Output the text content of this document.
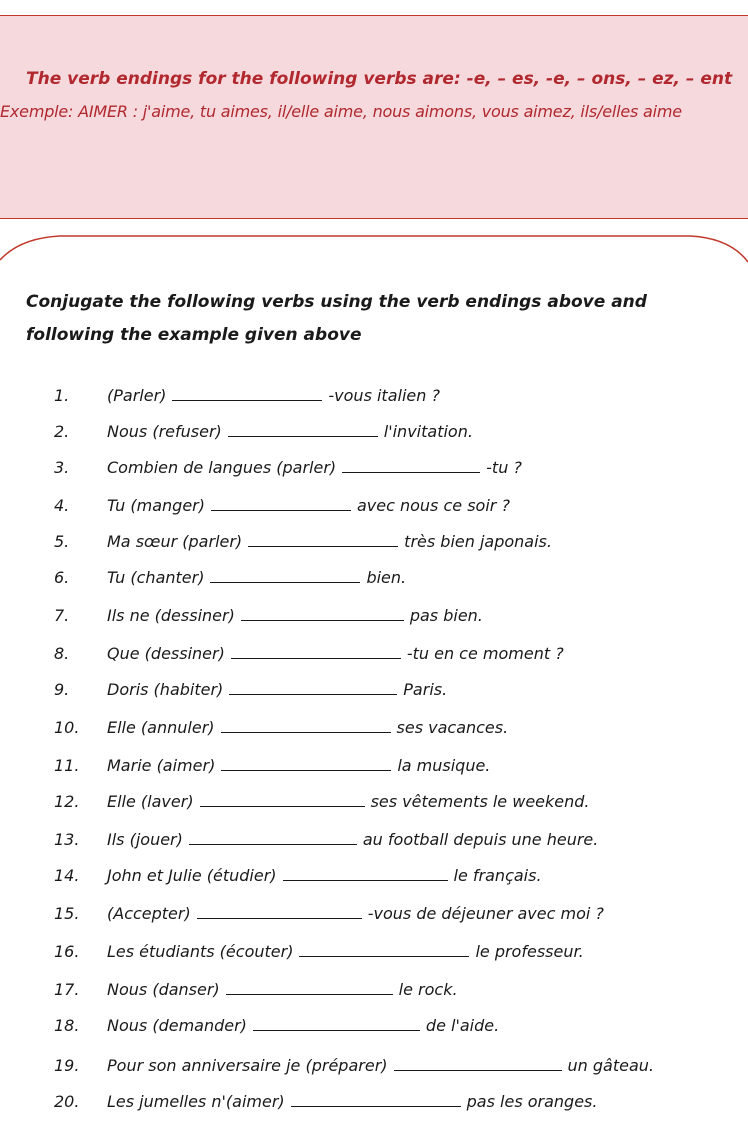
The verb endings for the following verbs are: -e, – es, -e, – ons, – ez, – ent
Exemple: AIMER : j'aime, tu aimes, il/elle aime, nous aimons, vous aimez, ils/elles aime
Conjugate the following verbs using the verb endings above and following the example given above
1. (Parler)	-vous italien ?
2. Nous (refuser)	l'invitation.
3. Combien de langues (parler)	-tu ?
4. Tu (manger)	avec nous ce soir ?
5. Ma sœur (parler)	très bien japonais.
6. Tu (chanter)	bien.
7. Ils ne (dessiner)	pas bien.
8. Que (dessiner)	-tu en ce moment ?
9. Doris (habiter)	Paris.
10. Elle (annuler)	ses vacances.
11. Marie (aimer)	la musique.
12. Elle (laver)	ses vêtements le weekend.
13. Ils (jouer)	au football depuis une heure.
14. John et Julie (étudier)	le français.
15. (Accepter)	-vous de déjeuner avec moi ?
16. Les étudiants (écouter)	le professeur.
17. Nous (danser)	le rock.
18. Nous (demander)	de l'aide.
19. Pour son anniversaire je (préparer)	un gâteau.
20. Les jumelles n'(aimer)	pas les oranges.
